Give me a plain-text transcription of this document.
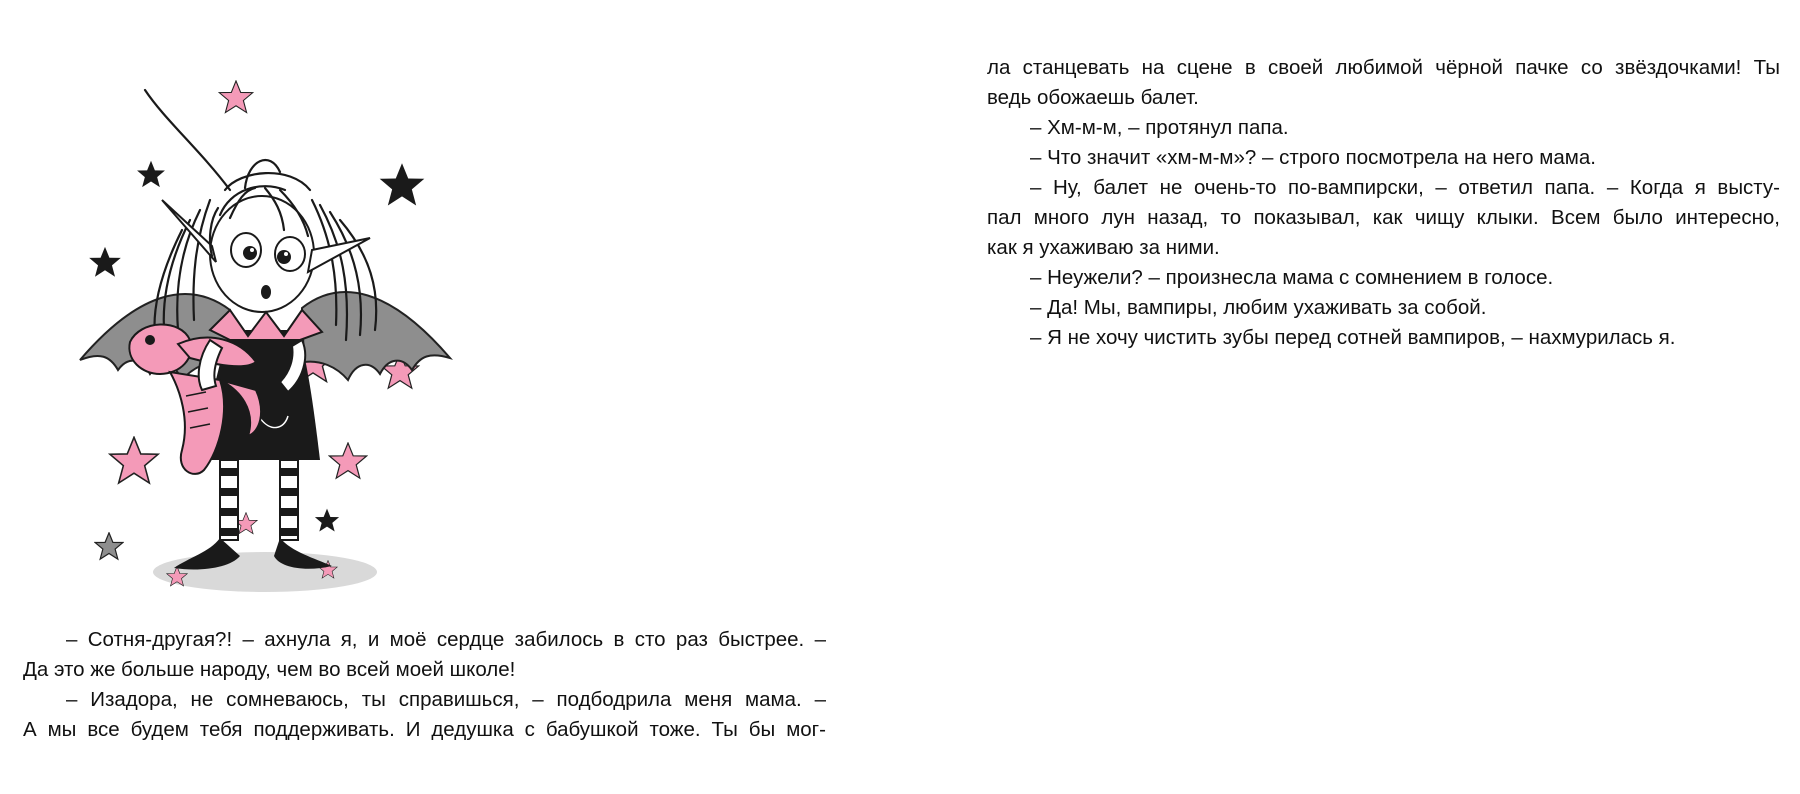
– Сотня-другая?! – ахнула я, и моё сердце забилось в сто раз быстрее. –
Да это же больше народу, чем во всей моей школе!

– Изадора, не сомневаюсь, ты справишься, – подбодрила меня мама. –
А мы все будем тебя поддерживать. И дедушка с бабушкой тоже. Ты бы мог-

ла станцевать на сцене в своей любимой чёрной пачке со звёздочками! Ты
ведь обожаешь балет.

– Хм-м-м, – протянул папа.

– Что значит «хм-м-м»? – строго посмотрела на него мама.

– Ну, балет не очень-то по-вампирски, – ответил папа. – Когда я высту-
пал много лун назад, то показывал, как чищу клыки. Всем было интересно,
как я ухаживаю за ними.

– Неужели? – произнесла мама с сомнением в голосе.

– Да! Мы, вампиры, любим ухаживать за собой.

– Я не хочу чистить зубы перед сотней вампиров, – нахмурилась я.
